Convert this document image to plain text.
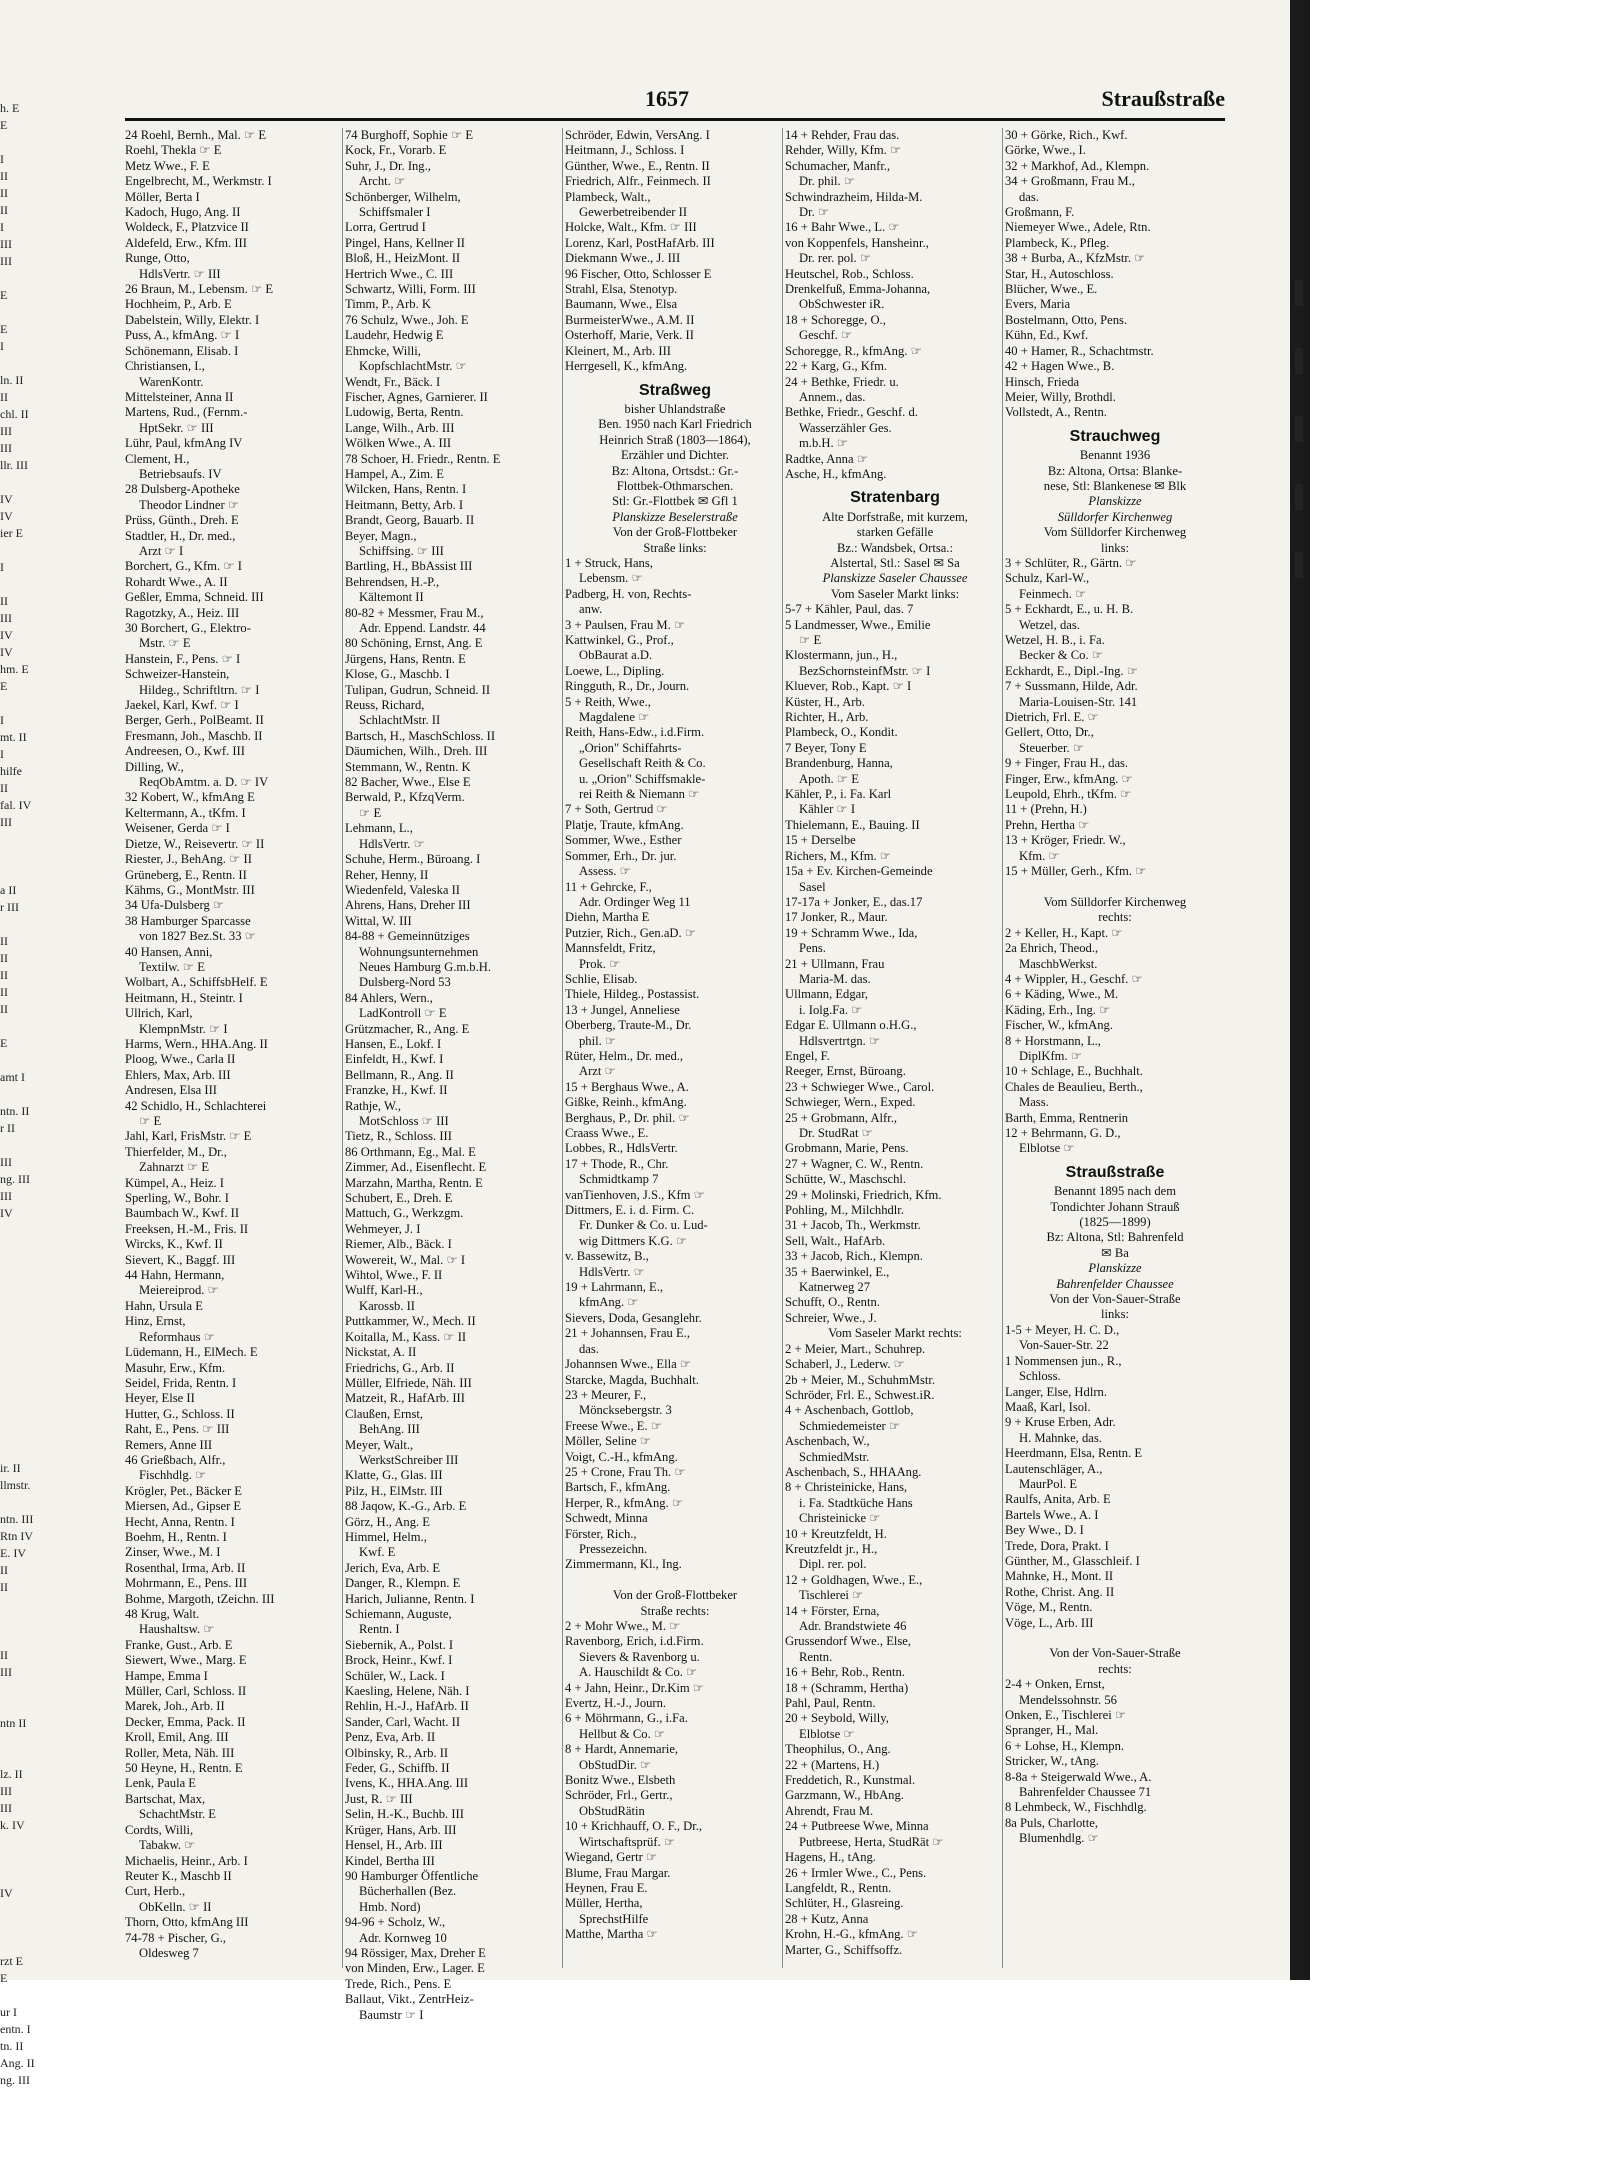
h. E
E
I
II
II
II
I
III
III
E
E
I
ln. II
II
chl. II
III
III
llr. III
IV
IV
ier E
I
II
III
IV
IV
hm. E
E
I
mt. II
I
hilfe
II
fal. IV
III
a II
r III
II
II
II
II
II
E
amt I
ntn. II
r II
III
ng. III
III
IV
ir. II
llmstr.
ntn. III
Rtn IV
E. IV
II
II
II
III
ntn II
lz. II
III
III
k. IV
IV
rzt E
E
ur I
entn. I
tn. II
Ang. II
ng. III
1657	Straußstraße
24 Roehl, Bernh., Mal. ☞ E
Roehl, Thekla ☞ E
Metz Wwe., F. E
Engelbrecht, M., Werkmstr. I
Möller, Berta I
Kadoch, Hugo, Ang. II
Woldeck, F., Platzvice II
Aldefeld, Erw., Kfm. III
Runge, Otto,
HdlsVertr. ☞ III
26 Braun, M., Lebensm. ☞ E
Hochheim, P., Arb. E
Dabelstein, Willy, Elektr. I
Puss, A., kfmAng. ☞ I
Schönemann, Elisab. I
Christiansen, I.,
WarenKontr.
Mittelsteiner, Anna II
Martens, Rud., (Fernm.-
HptSekr. ☞ III
Lühr, Paul, kfmAng IV
Clement, H.,
Betriebsaufs. IV
28 Dulsberg-Apotheke
Theodor Lindner ☞
Prüss, Günth., Dreh. E
Stadtler, H., Dr. med.,
Arzt ☞ I
Borchert, G., Kfm. ☞ I
Rohardt Wwe., A. II
Geßler, Emma, Schneid. III
Ragotzky, A., Heiz. III
30 Borchert, G., Elektro-
Mstr. ☞ E
Hanstein, F., Pens. ☞ I
Schweizer-Hanstein,
Hildeg., Schriftltrn. ☞ I
Jaekel, Karl, Kwf. ☞ I
Berger, Gerh., PolBeamt. II
Fresmann, Joh., Maschb. II
Andreesen, O., Kwf. III
Dilling, W.,
ReqObAmtm. a. D. ☞ IV
32 Kobert, W., kfmAng E
Keltermann, A., tKfm. I
Weisener, Gerda ☞ I
Dietze, W., Reisevertr. ☞ II
Riester, J., BehAng. ☞ II
Grüneberg, E., Rentn. II
Kähms, G., MontMstr. III
34 Ufa-Dulsberg ☞
38 Hamburger Sparcasse
von 1827 Bez.St. 33 ☞
40 Hansen, Anni,
Textilw. ☞ E
Wolbart, A., SchiffsbHelf. E
Heitmann, H., Steintr. I
Ullrich, Karl,
KlempnMstr. ☞ I
Harms, Wern., HHA.Ang. II
Ploog, Wwe., Carla II
Ehlers, Max, Arb. III
Andresen, Elsa III
42 Schidlo, H., Schlachterei
☞ E
Jahl, Karl, FrisMstr. ☞ E
Thierfelder, M., Dr.,
Zahnarzt ☞ E
Kümpel, A., Heiz. I
Sperling, W., Bohr. I
Baumbach W., Kwf. II
Freeksen, H.-M., Fris. II
Wircks, K., Kwf. II
Sievert, K., Baggf. III
44 Hahn, Hermann,
Meiereiprod. ☞
Hahn, Ursula E
Hinz, Ernst,
Reformhaus ☞
Lüdemann, H., ElMech. E
Masuhr, Erw., Kfm.
Seidel, Frida, Rentn. I
Heyer, Else II
Hutter, G., Schloss. II
Raht, E., Pens. ☞ III
Remers, Anne III
46 Grießbach, Alfr.,
Fischhdlg. ☞
Krögler, Pet., Bäcker E
Miersen, Ad., Gipser E
Hecht, Anna, Rentn. I
Boehm, H., Rentn. I
Zinser, Wwe., M. I
Rosenthal, Irma, Arb. II
Mohrmann, E., Pens. III
Bohme, Margoth, tZeichn. III
48 Krug, Walt.
Haushaltsw. ☞
Franke, Gust., Arb. E
Siewert, Wwe., Marg. E
Hampe, Emma I
Müller, Carl, Schloss. II
Marek, Joh., Arb. II
Decker, Emma, Pack. II
Kroll, Emil, Ang. III
Roller, Meta, Näh. III
50 Heyne, H., Rentn. E
Lenk, Paula E
Bartschat, Max,
SchachtMstr. E
Cordts, Willi,
Tabakw. ☞
Michaelis, Heinr., Arb. I
Reuter K., Maschb II
Curt, Herb.,
ObKelln. ☞ II
Thorn, Otto, kfmAng III
74-78 + Pischer, G.,
Oldesweg 7
74 Burghoff, Sophie ☞ E
Kock, Fr., Vorarb. E
Suhr, J., Dr. Ing.,
Archt. ☞
Schönberger, Wilhelm,
Schiffsmaler I
Lorra, Gertrud I
Pingel, Hans, Kellner II
Bloß, H., HeizMont. II
Hertrich Wwe., C. III
Schwartz, Willi, Form. III
Timm, P., Arb. K
76 Schulz, Wwe., Joh. E
Laudehr, Hedwig E
Ehmcke, Willi,
KopfschlachtMstr. ☞
Wendt, Fr., Bäck. I
Fischer, Agnes, Garnierer. II
Ludowig, Berta, Rentn.
Lange, Wilh., Arb. III
Wölken Wwe., A. III
78 Schoer, H. Friedr., Rentn. E
Hampel, A., Zim. E
Wilcken, Hans, Rentn. I
Heitmann, Betty, Arb. I
Brandt, Georg, Bauarb. II
Beyer, Magn.,
Schiffsing. ☞ III
Bartling, H., BbAssist III
Behrendsen, H.-P.,
Kältemont II
80-82 + Messmer, Frau M.,
Adr. Eppend. Landstr. 44
80 Schöning, Ernst, Ang. E
Jürgens, Hans, Rentn. E
Klose, G., Maschb. I
Tulipan, Gudrun, Schneid. II
Reuss, Richard,
SchlachtMstr. II
Bartsch, H., MaschSchloss. II
Däumichen, Wilh., Dreh. III
Stemmann, W., Rentn. K
82 Bacher, Wwe., Else E
Berwald, P., KfzqVerm.
☞ E
Lehmann, L.,
HdlsVertr. ☞
Schuhe, Herm., Büroang. I
Reher, Henny, II
Wiedenfeld, Valeska II
Ahrens, Hans, Dreher III
Wittal, W. III
84-88 + Gemeinnütziges
Wohnungsunternehmen
Neues Hamburg G.m.b.H.
Dulsberg-Nord 53
84 Ahlers, Wern.,
LadKontroll ☞ E
Grützmacher, R., Ang. E
Hansen, E., Lokf. I
Einfeldt, H., Kwf. I
Bellmann, R., Ang. II
Franzke, H., Kwf. II
Rathje, W.,
MotSchloss ☞ III
Tietz, R., Schloss. III
86 Orthmann, Eg., Mal. E
Zimmer, Ad., Eisenflecht. E
Marzahn, Martha, Rentn. E
Schubert, E., Dreh. E
Mattuch, G., Werkzgm.
Wehmeyer, J. I
Riemer, Alb., Bäck. I
Wowereit, W., Mal. ☞ I
Wihtol, Wwe., F. II
Wulff, Karl-H.,
Karossb. II
Puttkammer, W., Mech. II
Koitalla, M., Kass. ☞ II
Nickstat, A. II
Friedrichs, G., Arb. II
Müller, Elfriede, Näh. III
Matzeit, R., HafArb. III
Claußen, Ernst,
BehAng. III
Meyer, Walt.,
WerkstSchreiber III
Klatte, G., Glas. III
Pilz, H., ElMstr. III
88 Jaqow, K.-G., Arb. E
Görz, H., Ang. E
Himmel, Helm.,
Kwf. E
Jerich, Eva, Arb. E
Danger, R., Klempn. E
Harich, Julianne, Rentn. I
Schiemann, Auguste,
Rentn. I
Siebernik, A., Polst. I
Brock, Heinr., Kwf. I
Schüler, W., Lack. I
Kaesling, Helene, Näh. I
Rehlin, H.-J., HafArb. II
Sander, Carl, Wacht. II
Penz, Eva, Arb. II
Olbinsky, R., Arb. II
Feder, G., Schiffb. II
Ivens, K., HHA.Ang. III
Just, R. ☞ III
Selin, H.-K., Buchb. III
Krüger, Hans, Arb. III
Hensel, H., Arb. III
Kindel, Bertha III
90 Hamburger Öffentliche
Bücherhallen (Bez.
Hmb. Nord)
94-96 + Scholz, W.,
Adr. Kornweg 10
94 Rössiger, Max, Dreher E
von Minden, Erw., Lager. E
Trede, Rich., Pens. E
Ballaut, Vikt., ZentrHeiz-
Baumstr ☞ I
Schröder, Edwin, VersAng. I
Heitmann, J., Schloss. I
Günther, Wwe., E., Rentn. II
Friedrich, Alfr., Feinmech. II
Plambeck, Walt.,
Gewerbetreibender II
Holcke, Walt., Kfm. ☞ III
Lorenz, Karl, PostHafArb. III
Diekmann Wwe., J. III
96 Fischer, Otto, Schlosser E
Strahl, Elsa, Stenotyp.
Baumann, Wwe., Elsa
BurmeisterWwe., A.M. II
Osterhoff, Marie, Verk. II
Kleinert, M., Arb. III
Herrgesell, K., kfmAng.
Straßweg
bisher Uhlandstraße
Ben. 1950 nach Karl Friedrich
Heinrich Straß (1803—1864),
Erzähler und Dichter.
Bz: Altona, Ortsdst.: Gr.-
Flottbek-Othmarschen.
Stl: Gr.-Flottbek ✉ Gfl 1
Planskizze Beselerstraße
Von der Groß-Flottbeker
Straße links:
1 + Struck, Hans,
Lebensm. ☞
Padberg, H. von, Rechts-
anw.
3 + Paulsen, Frau M. ☞
Kattwinkel, G., Prof.,
ObBaurat a.D.
Loewe, L., Dipling.
Ringguth, R., Dr., Journ.
5 + Reith, Wwe.,
Magdalene ☞
Reith, Hans-Edw., i.d.Firm.
„Orion" Schiffahrts-
Gesellschaft Reith & Co.
u. „Orion" Schiffsmakle-
rei Reith & Niemann ☞
7 + Soth, Gertrud ☞
Platje, Traute, kfmAng.
Sommer, Wwe., Esther
Sommer, Erh., Dr. jur.
Assess. ☞
11 + Gehrcke, F.,
Adr. Ordinger Weg 11
Diehn, Martha E
Putzier, Rich., Gen.aD. ☞
Mannsfeldt, Fritz,
Prok. ☞
Schlie, Elisab.
Thiele, Hildeg., Postassist.
13 + Jungel, Anneliese
Oberberg, Traute-M., Dr.
phil. ☞
Rüter, Helm., Dr. med.,
Arzt ☞
15 + Berghaus Wwe., A.
Gißke, Reinh., kfmAng.
Berghaus, P., Dr. phil. ☞
Craass Wwe., E.
Lobbes, R., HdlsVertr.
17 + Thode, R., Chr.
Schmidtkamp 7
vanTienhoven, J.S., Kfm ☞
Dittmers, E. i. d. Firm. C.
Fr. Dunker & Co. u. Lud-
wig Dittmers K.G. ☞
v. Bassewitz, B.,
HdlsVertr. ☞
19 + Lahrmann, E.,
kfmAng. ☞
Sievers, Doda, Gesanglehr.
21 + Johannsen, Frau E.,
das.
Johannsen Wwe., Ella ☞
Starcke, Magda, Buchhalt.
23 + Meurer, F.,
Möncksebergstr. 3
Freese Wwe., E. ☞
Möller, Seline ☞
Voigt, C.-H., kfmAng.
25 + Crone, Frau Th. ☞
Bartsch, F., kfmAng.
Herper, R., kfmAng. ☞
Schwedt, Minna
Förster, Rich.,
Pressezeichn.
Zimmermann, Kl., Ing.

Von der Groß-Flottbeker
Straße rechts:
2 + Mohr Wwe., M. ☞
Ravenborg, Erich, i.d.Firm.
Sievers & Ravenborg u.
A. Hauschildt & Co. ☞
4 + Jahn, Heinr., Dr.Kim ☞
Evertz, H.-J., Journ.
6 + Möhrmann, G., i.Fa.
Hellbut & Co. ☞
8 + Hardt, Annemarie,
ObStudDir. ☞
Bonitz Wwe., Elsbeth
Schröder, Frl., Gertr.,
ObStudRätin
10 + Krichhauff, O. F., Dr.,
Wirtschaftsprüf. ☞
Wiegand, Gertr ☞
Blume, Frau Margar.
Heynen, Frau E.
Müller, Hertha,
SprechstHilfe
Matthe, Martha ☞
14 + Rehder, Frau das.
Rehder, Willy, Kfm. ☞
Schumacher, Manfr.,
Dr. phil. ☞
Schwindrazheim, Hilda-M.
Dr. ☞
16 + Bahr Wwe., L. ☞
von Koppenfels, Hansheinr.,
Dr. rer. pol. ☞
Heutschel, Rob., Schloss.
Drenkelfuß, Emma-Johanna,
ObSchwester iR.
18 + Schoregge, O.,
Geschf. ☞
Schoregge, R., kfmAng. ☞
22 + Karg, G., Kfm.
24 + Bethke, Friedr. u.
Annem., das.
Bethke, Friedr., Geschf. d.
Wasserzähler Ges.
m.b.H. ☞
Radtke, Anna ☞
Asche, H., kfmAng.
Stratenbarg
Alte Dorfstraße, mit kurzem,
starken Gefälle
Bz.: Wandsbek, Ortsa.:
Alstertal, Stl.: Sasel ✉ Sa
Planskizze Saseler Chaussee
Vom Saseler Markt links:
5-7 + Kähler, Paul, das. 7
5 Landmesser, Wwe., Emilie
☞ E
Klostermann, jun., H.,
BezSchornsteinfMstr. ☞ I
Kluever, Rob., Kapt. ☞ I
Küster, H., Arb.
Richter, H., Arb.
Plambeck, O., Kondit.
7 Beyer, Tony E
Brandenburg, Hanna,
Apoth. ☞ E
Kähler, P., i. Fa. Karl
Kähler ☞ I
Thielemann, E., Bauing. II
15 + Derselbe
Richers, M., Kfm. ☞
15a + Ev. Kirchen-Gemeinde
Sasel
17-17a + Jonker, E., das.17
17 Jonker, R., Maur.
19 + Schramm Wwe., Ida,
Pens.
21 + Ullmann, Frau
Maria-M. das.
Ullmann, Edgar,
i. Iolg.Fa. ☞
Edgar E. Ullmann o.H.G.,
Hdlsvertrtgn. ☞
Engel, F.
Reeger, Ernst, Büroang.
23 + Schwieger Wwe., Carol.
Schwieger, Wern., Exped.
25 + Grobmann, Alfr.,
Dr. StudRat ☞
Grobmann, Marie, Pens.
27 + Wagner, C. W., Rentn.
Schütte, W., Maschschl.
29 + Molinski, Friedrich, Kfm.
Pohling, M., Milchhdlr.
31 + Jacob, Th., Werkmstr.
Sell, Walt., HafArb.
33 + Jacob, Rich., Klempn.
35 + Baerwinkel, E.,
Katnerweg 27
Schufft, O., Rentn.
Schreier, Wwe., J.
Vom Saseler Markt rechts:
2 + Meier, Mart., Schuhrep.
Schaberl, J., Lederw. ☞
2b + Meier, M., SchuhmMstr.
Schröder, Frl. E., Schwest.iR.
4 + Aschenbach, Gottlob,
Schmiedemeister ☞
Aschenbach, W.,
SchmiedMstr.
Aschenbach, S., HHAAng.
8 + Christeinicke, Hans,
i. Fa. Stadtküche Hans
Christeinicke ☞
10 + Kreutzfeldt, H.
Kreutzfeldt jr., H.,
Dipl. rer. pol.
12 + Goldhagen, Wwe., E.,
Tischlerei ☞
14 + Förster, Erna,
Adr. Brandstwiete 46
Grussendorf Wwe., Else,
Rentn.
16 + Behr, Rob., Rentn.
18 + (Schramm, Hertha)
Pahl, Paul, Rentn.
20 + Seybold, Willy,
Elblotse ☞
Theophilus, O., Ang.
22 + (Martens, H.)
Freddetich, R., Kunstmal.
Garzmann, W., HbAng.
Ahrendt, Frau M.
24 + Putbreese Wwe, Minna
Putbreese, Herta, StudRät ☞
Hagens, H., tAng.
26 + Irmler Wwe., C., Pens.
Langfeldt, R., Rentn.
Schlüter, H., Glasreing.
28 + Kutz, Anna
Krohn, H.-G., kfmAng. ☞
Marter, G., Schiffsoffz.
30 + Görke, Rich., Kwf.
Görke, Wwe., I.
32 + Markhof, Ad., Klempn.
34 + Großmann, Frau M.,
das.
Großmann, F.
Niemeyer Wwe., Adele, Rtn.
Plambeck, K., Pfleg.
38 + Burba, A., KfzMstr. ☞
Star, H., Autoschloss.
Blücher, Wwe., E.
Evers, Maria
Bostelmann, Otto, Pens.
Kühn, Ed., Kwf.
40 + Hamer, R., Schachtmstr.
42 + Hagen Wwe., B.
Hinsch, Frieda
Meier, Willy, Brothdl.
Vollstedt, A., Rentn.
Strauchweg
Benannt 1936
Bz: Altona, Ortsa: Blanke-
nese, Stl: Blankenese ✉ Blk
Planskizze
Sülldorfer Kirchenweg
Vom Sülldorfer Kirchenweg
links:
3 + Schlüter, R., Gärtn. ☞
Schulz, Karl-W.,
Feinmech. ☞
5 + Eckhardt, E., u. H. B.
Wetzel, das.
Wetzel, H. B., i. Fa.
Becker & Co. ☞
Eckhardt, E., Dipl.-Ing. ☞
7 + Sussmann, Hilde, Adr.
Maria-Louisen-Str. 141
Dietrich, Frl. E. ☞
Gellert, Otto, Dr.,
Steuerber. ☞
9 + Finger, Frau H., das.
Finger, Erw., kfmAng. ☞
Leupold, Ehrh., tKfm. ☞
11 + (Prehn, H.)
Prehn, Hertha ☞
13 + Kröger, Friedr. W.,
Kfm. ☞
15 + Müller, Gerh., Kfm. ☞

Vom Sülldorfer Kirchenweg
rechts:
2 + Keller, H., Kapt. ☞
2a Ehrich, Theod.,
MaschbWerkst.
4 + Wippler, H., Geschf. ☞
6 + Käding, Wwe., M.
Käding, Erh., Ing. ☞
Fischer, W., kfmAng.
8 + Horstmann, L.,
DiplKfm. ☞
10 + Schlage, E., Buchhalt.
Chales de Beaulieu, Berth.,
Mass.
Barth, Emma, Rentnerin
12 + Behrmann, G. D.,
Elblotse ☞
Straußstraße
Benannt 1895 nach dem
Tondichter Johann Strauß
(1825—1899)
Bz: Altona, Stl: Bahrenfeld
✉ Ba
Planskizze
Bahrenfelder Chaussee
Von der Von-Sauer-Straße
links:
1-5 + Meyer, H. C. D.,
Von-Sauer-Str. 22
1 Nommensen jun., R.,
Schloss.
Langer, Else, Hdlrn.
Maaß, Karl, Isol.
9 + Kruse Erben, Adr.
H. Mahnke, das.
Heerdmann, Elsa, Rentn. E
Lautenschläger, A.,
MaurPol. E
Raulfs, Anita, Arb. E
Bartels Wwe., A. I
Bey Wwe., D. I
Trede, Dora, Prakt. I
Günther, M., Glasschleif. I
Mahnke, H., Mont. II
Rothe, Christ. Ang. II
Vöge, M., Rentn.
Vöge, L., Arb. III

Von der Von-Sauer-Straße
rechts:
2-4 + Onken, Ernst,
Mendelssohnstr. 56
Onken, E., Tischlerei ☞
Spranger, H., Mal.
6 + Lohse, H., Klempn.
Stricker, W., tAng.
8-8a + Steigerwald Wwe., A.
Bahrenfelder Chaussee 71
8 Lehmbeck, W., Fischhdlg.
8a Puls, Charlotte,
Blumenhdlg. ☞
